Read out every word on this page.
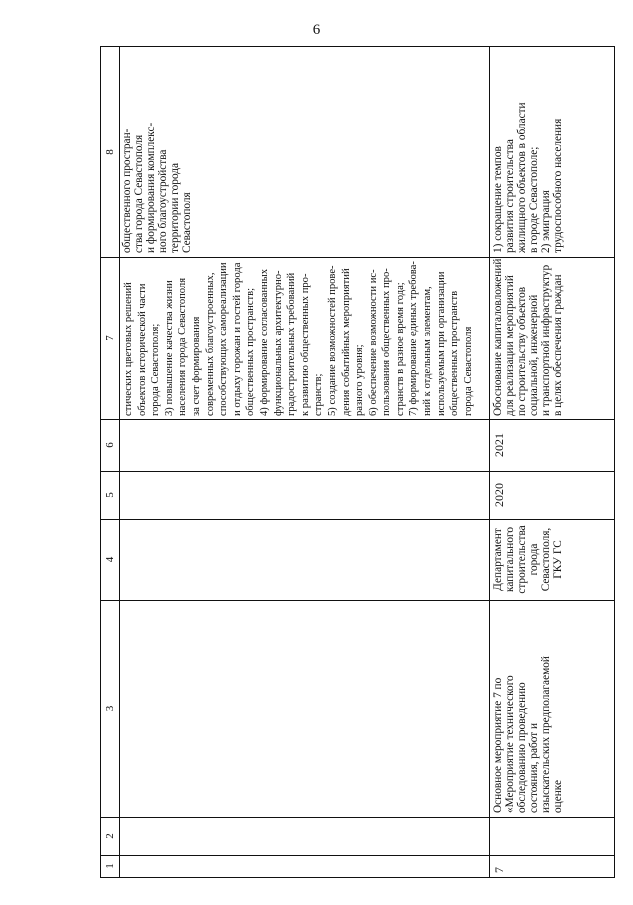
6
8
7
6
5
4
3
2
1
общественного простран- ства города Севастополя и формирования комплекс- ного благоустройства территории города Севастополя
стических цветовых решений объектов исторической части города Севастополя; 3) повышение качества жизни населения города Севастополя за счет формирования современных благоустроенных, способствующих самореализации и отдыху горожан и гостей города общественных пространств; 4) формирование согласованных функциональных архитектурно- градостроительных требований к развитию общественных про- странств; 5) создание возможностей прове- дения событийных мероприятий разного уровня; 6) обеспечение возможности ис- пользования общественных про- странств в разное время года; 7) формирование единых требова- ний к отдельным элементам, используемым при организации общественных пространств города Севастополя
1) сокращение темпов развития строительства жилищного объектов в области в городе Севастополе; 2) эмиграция трудоспособного населения
Обоснование капиталовложений для реализации мероприятий по строительству объектов социальной, инженерной и транспортной инфраструктур в целях обеспечения граждан
2021
2020
Департамент капитального строительства города Севастополя, ГКУ ГС
Основное мероприятие 7 по «Мероприятие технического обследованию проведению состояния, работ и изыскательских предполагаемой оценке
7
